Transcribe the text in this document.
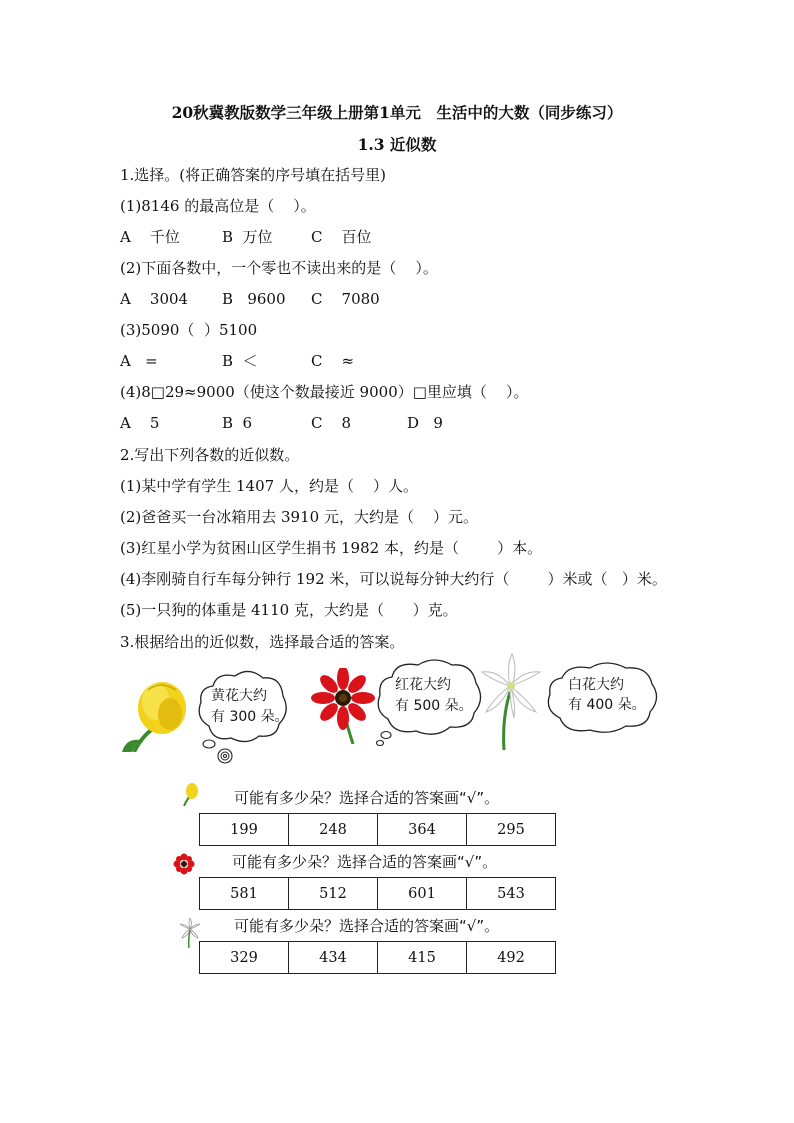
20秋冀教版数学三年级上册第1单元　生活中的大数（同步练习）
1.3 近似数
1.选择。(将正确答案的序号填在括号里)
(1)8146 的最高位是（    ）。
A    千位	B  万位	C    百位
(2)下面各数中，一个零也不读出来的是（    ）。
A    3004 B   9600 C    7080
(3)5090（  ）5100
A   =	B  ＜	C    ≈
(4)8□29≈9000（使这个数最接近 9000）□里应填（    ）。
A    5	B  6	C    8	D   9
2.写出下列各数的近似数。
(1)某中学有学生 1407 人，约是（    ）人。
(2)爸爸买一台冰箱用去 3910 元，大约是（    ）元。
(3)红星小学为贫困山区学生捐书 1982 本，约是（        ）本。
(4)李刚骑自行车每分钟行 192 米，可以说每分钟大约行（        ）米或（   ）米。
(5)一只狗的体重是 4110 克，大约是（      ）克。
3.根据给出的近似数，选择最合适的答案。
黄花大约
有 300 朵。
红花大约
有 500 朵。
白花大约
有 400 朵。
可能有多少朵？选择合适的答案画“√”。
199	248	364	295
可能有多少朵？选择合适的答案画“√”。
581	512	601	543
可能有多少朵？选择合适的答案画“√”。
329	434	415	492
